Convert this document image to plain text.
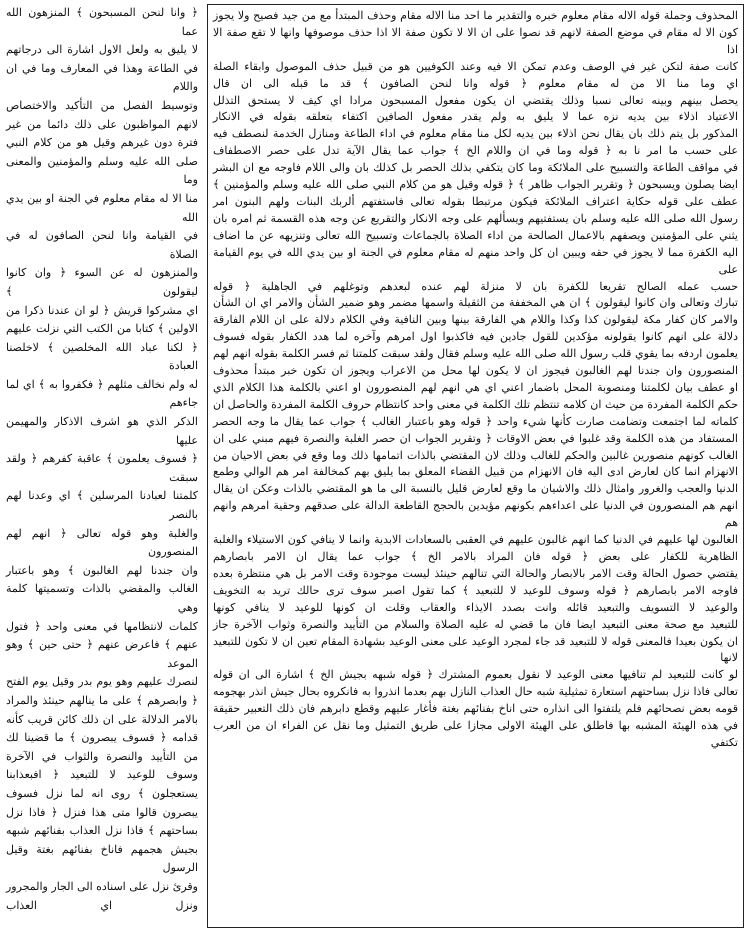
المحذوف وجملة قوله الاله مقام معلوم خبره والتقدير ما احد منا الاله مقام وحذف المبتدأ مع من جيد فصيح ولا يجوز

كون الا له مقام في موضع الصفة لانهم قد نصوا على ان الا لا تكون صفة الا اذا حذف موصوفها وانها لا تقع صفة الا اذا

كانت صفة لتكن غير في الوصف وعدم تمكن الا فيه وعند الكوفيين هو من قبيل حذف الموصول وابقاء الصلة

اي وما منا الا من له مقام معلوم ﴿ قوله وانا لنحن الصافون ﴾ قد ما قبله الى ان قال

يحصل بينهم وبينه تعالى نسبا وذلك يقتضي ان يكون مفعول المسبحون مرادا اي كيف لا يستحق التذلل

الاعتياد اذلاء بين يديه نزه عما لا يليق به ولم يقدر مفعول الصافين اكتفاء بتعلقه بقوله في الانكار

المذكور بل يتم ذلك بان يقال نحن اذلاء بين يديه لكل منا مقام معلوم في اداء الطاعة ومنازل الخدمة لنصطف فيه

على حسب ما امر نا به ﴿ قوله وما في ان واللام الخ ﴾ جواب عما يقال الآية تدل على حصر الاصطفاف

في مواقف الطاعة والتسبيح على الملائكة وما كان يتكفي بذلك الحصر بل كذلك بان والى اللام فاوجه مع ان البشر

ايضا يصلون ويسبحون ﴿ وتقرير الجواب ظاهر ﴾ ﴿ قوله وقيل هو من كلام النبي صلى الله عليه وسلم والمؤمنين ﴾

عطف على قوله حكاية اعتراف الملائكة فيكون مرتبطا بقوله تعالى فاستفتهم ألربك البنات ولهم البنون امر

رسول الله صلى الله عليه وسلم بان يستفتيهم ويسألهم على وجه الانكار والتقريع عن وجه هذه القسمة ثم امره بان

يثني على المؤمنين ويصفهم بالاعمال الصالحة من اداء الصلاة بالجماعات وتسبيح الله تعالى وتنزيهه عن ما اضاف

اليه الكفرة مما لا يجوز في حقه ويبين ان كل واحد منهم له مقام معلوم في الجنة او بين يدي الله في يوم القيامة على

حسب عمله الصالح تقريعا للكفرة بان لا منزلة لهم عنده لبعدهم وتوغلهم في الجاهلية ﴿ قوله

تبارك وتعالى وان كانوا ليقولون ﴾ ان هي المخففة من الثقيلة واسمها مضمر وهو ضمير الشأن والامر اي ان الشأن

والامر كان كفار مكة ليقولون كذا وكذا واللام هي الفارقة بينها وبين النافية وفي الكلام دلالة على ان اللام الفارقة

دلالة على انهم كانوا يقولونه مؤكدين للقول جادين فيه فاكذبوا اول امرهم وآخره لما هدد الكفار بقوله فسوف

يعلمون اردفه بما يقوي قلب رسول الله صلى الله عليه وسلم فقال ولقد سبقت كلمتنا ثم فسر الكلمة بقوله انهم لهم

المنصورون وان جندنا لهم الغالبون فيجوز ان لا يكون لها محل من الاعراب ويجوز ان تكون خبر مبتدأ محذوف

او عطف بيان لكلمتنا ومنصوبة المحل باضمار اعني اي هي انهم لهم المنصورون او اعني بالكلمة هذا الكلام الذي

حكم الكلمة المفردة من حيث ان كلامه تنتظم تلك الكلمة في معنى واحد كانتظام حروف الكلمة المفردة والحاصل ان

كلماته لما اجتمعت وتضامت صارت كأنها شيء واحد ﴿ قوله وهو باعتبار الغالب ﴾ جواب عما يقال ما وجه الحصر

المستفاد من هذه الكلمة وقد غلبوا في بعض الاوقات ﴿ وتقرير الجواب ان حصر الغلبة والنصرة فيهم مبني على ان

الغالب كونهم منصورين غالبين والحكم للغالب وذلك لان المقتضي بالذات اتمامها ذلك وما وقع في بعض الاحيان من

الانهزام انما كان لعارض ادى اليه فان الانهزام من قبيل القضاء المعلق بما يليق بهم كمخالفة امر هم الوالي وطمع

الدنيا والعجب والغرور وامثال ذلك والاشيان ما وقع لعارض قليل بالنسبة الى ما هو المقتضي بالذات وعكن ان يقال

انهم هم المنصورون في الدنيا على اعداءهم بكونهم مؤيدين بالحجج القاطعة الدالة على صدقهم وحقية امرهم وانهم هم

الغالبون لها عليهم في الدنيا كما انهم غالبون عليهم في العقبى بالسعادات الابدية وانما لا ينافي كون الاستيلاء والغلبة

الظاهرية للكفار على بعض ﴿ قوله فان المراد بالامر الخ ﴾ جواب عما يقال ان الامر بابصارهم

يقتضي حصول الحالة وقت الامر بالابصار والحالة التي تنالهم حينئذ ليست موجودة وقت الامر بل هي منتظرة بعده

فاوجه الامر بابصارهم ﴿ قوله وسوف للوعيد لا للتبعيد ﴾ كما تقول اصبر سوف ترى حالك تريد به التخويف

والوعيد لا التسويف والتبعيد قائله وانت بصدد الايذاء والعقاب وقلت ان كونها للوعيد لا ينافي كونها

للتبعيد مع صحة معنى التبعيد ايضا فان ما قضي له عليه الصلاة والسلام من التأييد والنصرة وثواب الآخرة جاز

ان يكون بعيدا فالمعنى قوله لا للتبعيد قد جاء لمجرد الوعيد على معنى الوعيد بشهادة المقام تعين ان لا تكون للتبعيد لانها

لو كانت للتبعيد لم تنافيها معنى الوعيد لا نقول بعموم المشترك ﴿ قوله شبهه بجيش الخ ﴾ اشارة الى ان قوله

تعالى فاذا نزل بساحتهم استعارة تمثيلية شبه حال العذاب النازل بهم بعدما انذروا به فانكروه بحال جيش انذر بهجومه

قومه بعض نصحائهم فلم يلتفتوا الى انذاره حتى اناخ بفنائهم بغتة فأغار عليهم وقطع دابرهم فان ذلك التعبير حقيقة

في هذه الهيئة المشبه بها فاطلق على الهيئة الاولى مجازا على طريق التمثيل وما نقل عن الفراء ان من العرب تكتفي

﴿ وانا لنحن المسبحون ﴾ المنزهون الله عما

لا يليق به ولعل الاول اشارة الى درجاتهم

في الطاعة وهذا في المعارف وما في ان واللام

وتوسيط الفصل من التأكيد والاختصاص

لانهم المواظبون على ذلك دائما من غير

فترة دون غيرهم وقيل هو من كلام النبي

صلى الله عليه وسلم والمؤمنين والمعنى وما

منا الا له مقام معلوم في الجنة او بين يدي الله

في القيامة وانا لنحن الصافون له في الصلاة

والمنزهون له عن السوء ﴿ وان كانوا ليقولون ﴾

اي مشركوا قريش ﴿ لو ان عندنا ذكرا من

الاولين ﴾ كتابا من الكتب التي نزلت عليهم

﴿ لكنا عباد الله المخلصين ﴾ لاخلصنا العبادة

له ولم نخالف مثلهم ﴿ فكفروا به ﴾ اي لما جاءهم

الذكر الذي هو اشرف الاذكار والمهيمن عليها

﴿ فسوف يعلمون ﴾ عاقبة كفرهم ﴿ ولقد سبقت

كلمتنا لعبادنا المرسلين ﴾ اي وعدنا لهم بالنصر

والغلبة وهو قوله تعالى ﴿ انهم لهم المنصورون

وان جندنا لهم الغالبون ﴾ وهو باعتبار

الغالب والمقضي بالذات وتسميتها كلمة وهي

كلمات لانتظامها في معنى واحد ﴿ فتول

عنهم ﴾ فاعرض عنهم ﴿ حتى حين ﴾ وهو الموعد

لنصرك عليهم وهو يوم بدر وقيل يوم الفتح

﴿ وابصرهم ﴾ على ما ينالهم حينئذ والمراد

بالامر الدلالة على ان ذلك كائن قريب كأنه

قدامه ﴿ فسوف يبصرون ﴾ ما قضينا لك

من التأييد والنصرة والثواب في الآخرة

وسوف للوعيد لا للتبعيد ﴿ افبعذابنا

يستعجلون ﴾ روى انه لما نزل فسوف

يبصرون قالوا متى هذا فنزل ﴿ فاذا نزل

بساحتهم ﴾ فاذا نزل العذاب بفنائهم شبهه

بجيش هجمهم فاناخ بفنائهم بغتة وقيل الرسول

وقرئ نزل على اسناده الى الجار والمجرور

ونزل اي العذاب
